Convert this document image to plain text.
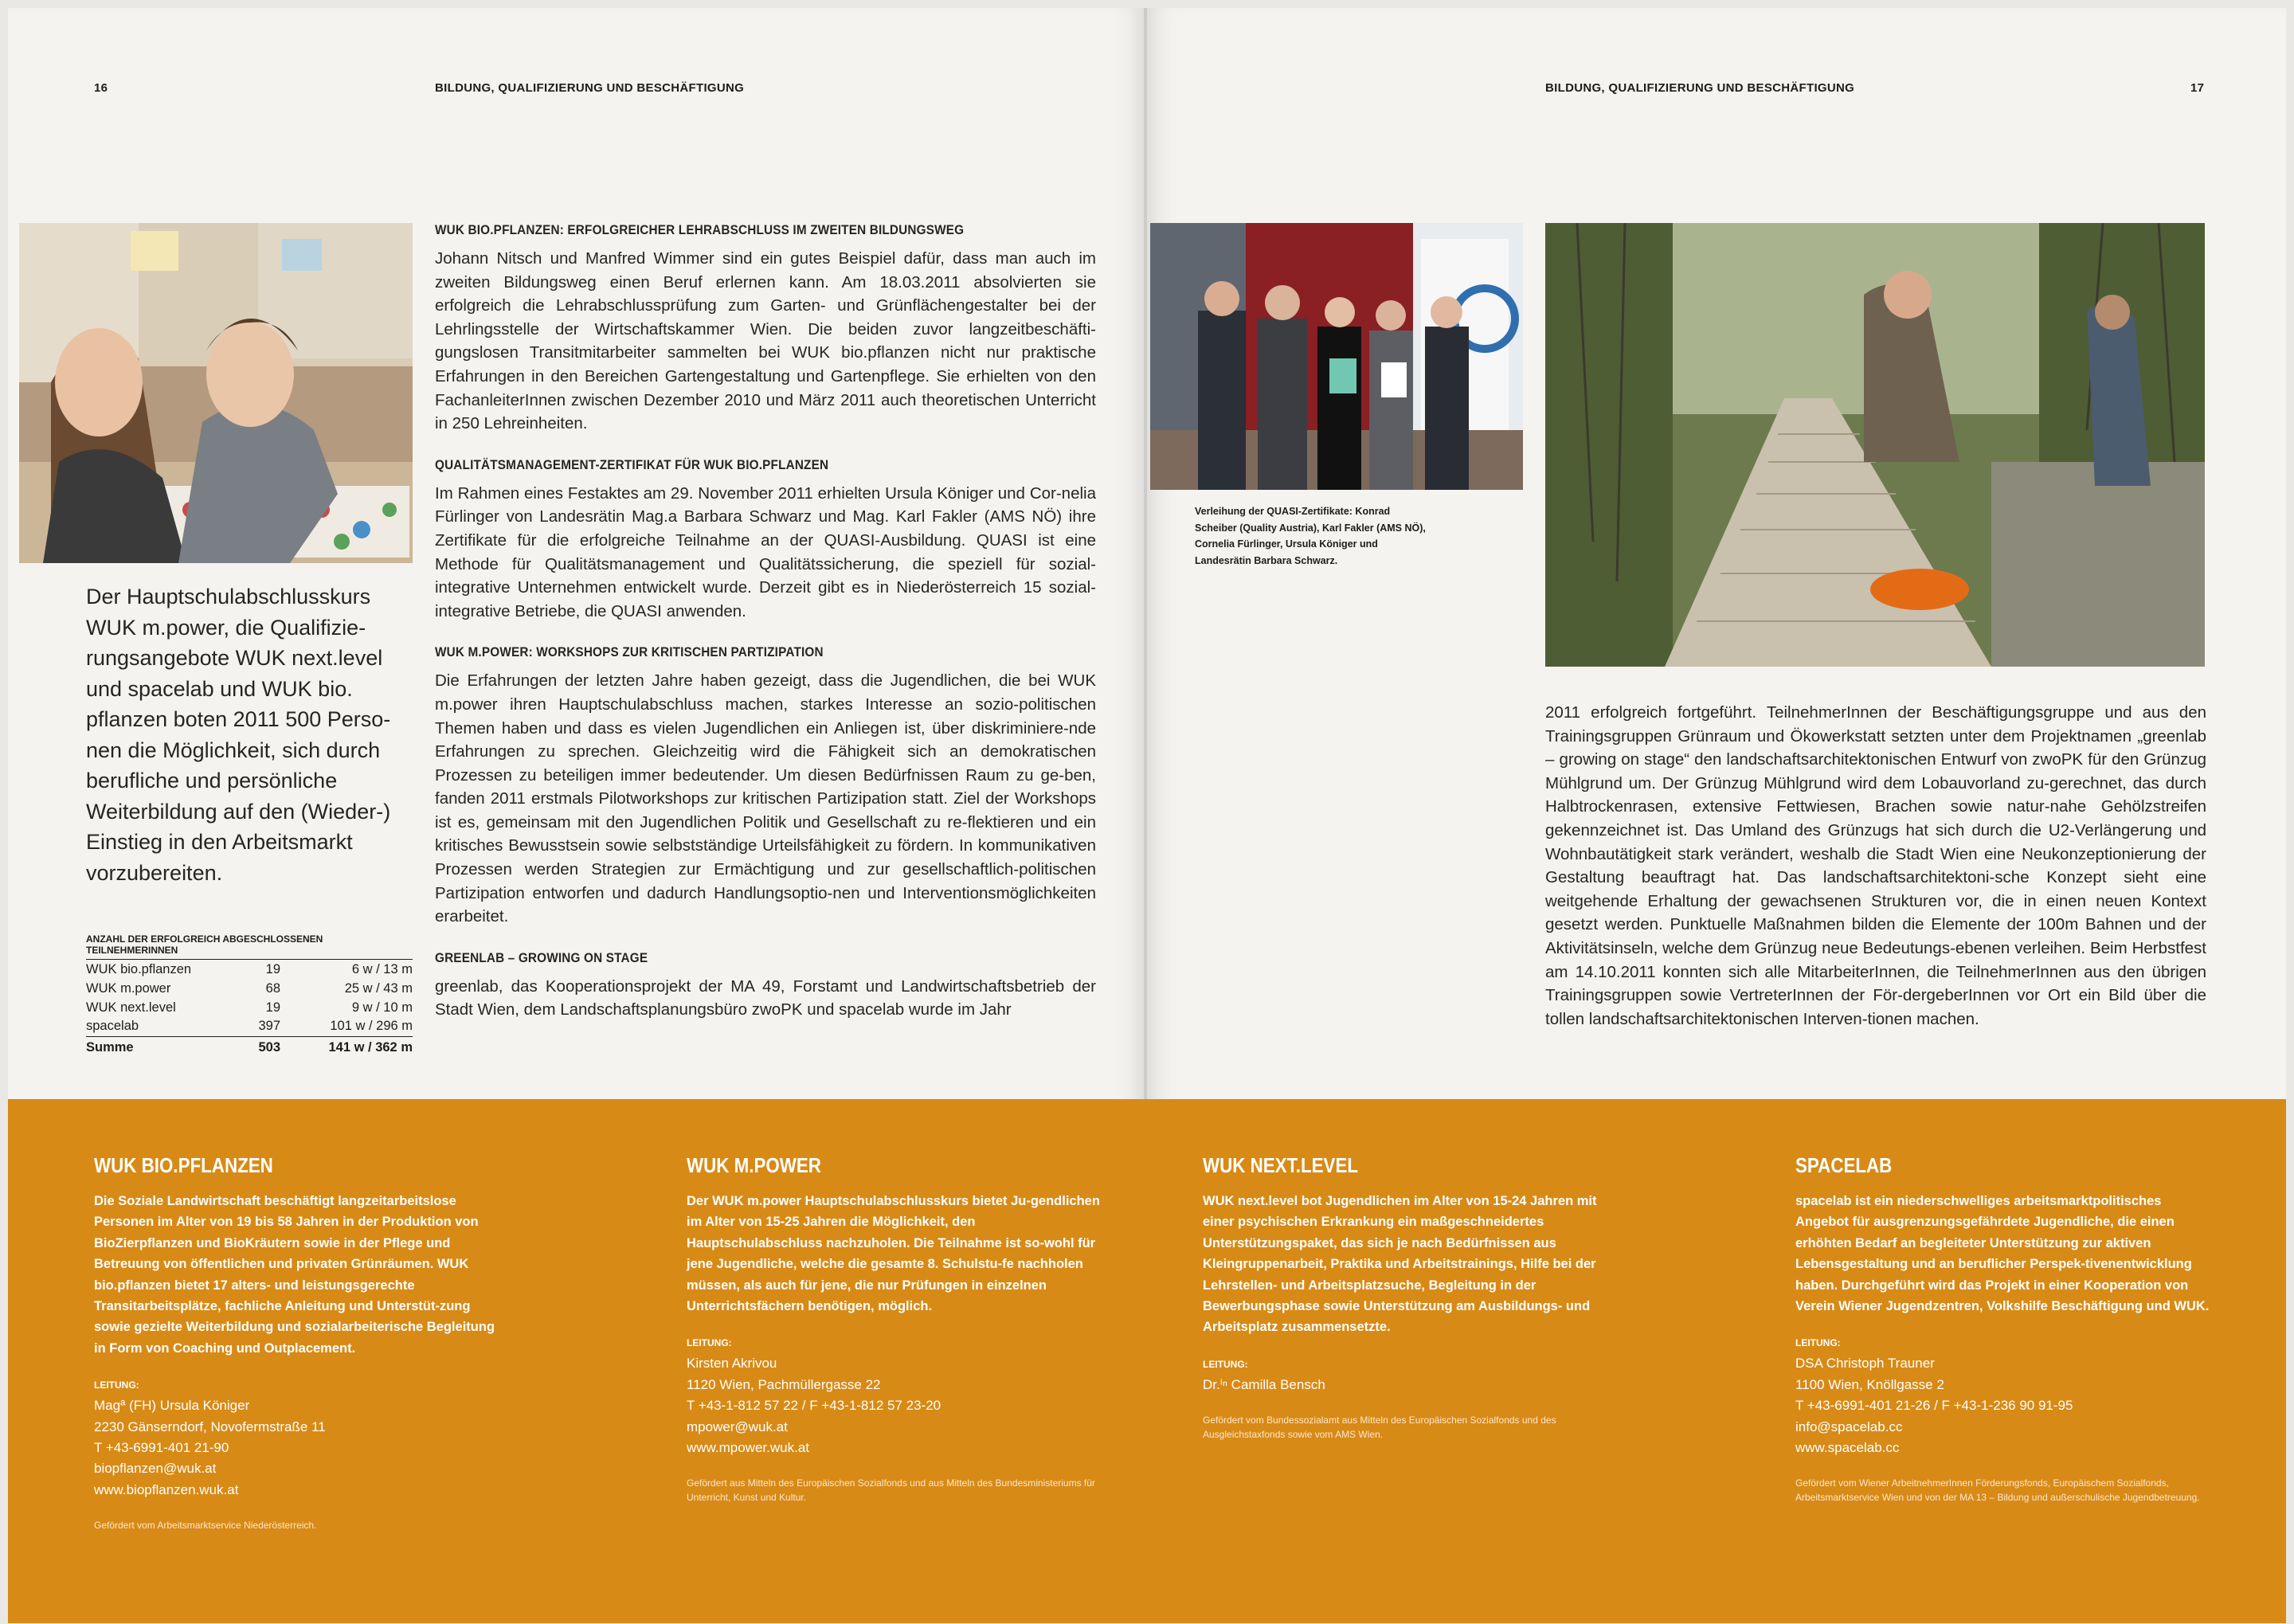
16	BILDUNG, QUALIFIZIERUNG UND BESCHÄFTIGUNG	BILDUNG, QUALIFIZIERUNG UND BESCHÄFTIGUNG	17
Der Hauptschulabschlusskurs WUK m.power, die Qualifizie-rungsangebote WUK next.level und spacelab und WUK bio. pflanzen boten 2011 500 Perso-nen die Möglichkeit, sich durch berufliche und persönliche Weiterbildung auf den (Wieder-) Einstieg in den Arbeitsmarkt vorzubereiten.
ANZAHL DER ERFOLGREICH ABGESCHLOSSENEN TEILNEHMERINNEN
WUK bio.pflanzen	19	6 w / 13 m
WUK m.power	68	25 w / 43 m
WUK next.level	19	9 w / 10 m
spacelab	397	101 w / 296 m
Summe	503	141 w / 362 m
WUK BIO.PFLANZEN: ERFOLGREICHER LEHRABSCHLUSS IM ZWEITEN BILDUNGSWEG

Johann Nitsch und Manfred Wimmer sind ein gutes Beispiel dafür, dass man auch im zweiten Bildungsweg einen Beruf erlernen kann. Am 18.03.2011 absolvierten sie erfolgreich die Lehrabschlussprüfung zum Garten- und Grünflächengestalter bei der Lehrlingsstelle der Wirtschaftskammer Wien. Die beiden zuvor langzeitbeschäfti-gungslosen Transitmitarbeiter sammelten bei WUK bio.pflanzen nicht nur praktische Erfahrungen in den Bereichen Gartengestaltung und Gartenpflege. Sie erhielten von den FachanleiterInnen zwischen Dezember 2010 und März 2011 auch theoretischen Unterricht in 250 Lehreinheiten.

QUALITÄTSMANAGEMENT-ZERTIFIKAT FÜR WUK BIO.PFLANZEN

Im Rahmen eines Festaktes am 29. November 2011 erhielten Ursula Königer und Cor-nelia Fürlinger von Landesrätin Mag.a Barbara Schwarz und Mag. Karl Fakler (AMS NÖ) ihre Zertifikate für die erfolgreiche Teilnahme an der QUASI-Ausbildung. QUASI ist eine Methode für Qualitätsmanagement und Qualitätssicherung, die speziell für sozial-integrative Unternehmen entwickelt wurde. Derzeit gibt es in Niederösterreich 15 sozial-integrative Betriebe, die QUASI anwenden.

WUK M.POWER: WORKSHOPS ZUR KRITISCHEN PARTIZIPATION

Die Erfahrungen der letzten Jahre haben gezeigt, dass die Jugendlichen, die bei WUK m.power ihren Hauptschulabschluss machen, starkes Interesse an sozio-politischen Themen haben und dass es vielen Jugendlichen ein Anliegen ist, über diskriminiere-nde Erfahrungen zu sprechen. Gleichzeitig wird die Fähigkeit sich an demokratischen Prozessen zu beteiligen immer bedeutender. Um diesen Bedürfnissen Raum zu ge-ben, fanden 2011 erstmals Pilotworkshops zur kritischen Partizipation statt. Ziel der Workshops ist es, gemeinsam mit den Jugendlichen Politik und Gesellschaft zu re-flektieren und ein kritisches Bewusstsein sowie selbstständige Urteilsfähigkeit zu fördern. In kommunikativen Prozessen werden Strategien zur Ermächtigung und zur gesellschaftlich-politischen Partizipation entworfen und dadurch Handlungsoptio-nen und Interventionsmöglichkeiten erarbeitet.

GREENLAB – GROWING ON STAGE

greenlab, das Kooperationsprojekt der MA 49, Forstamt und Landwirtschaftsbetrieb der Stadt Wien, dem Landschaftsplanungsbüro zwoPK und spacelab wurde im Jahr

Verleihung der QUASI-Zertifikate: Konrad Scheiber (Quality Austria), Karl Fakler (AMS NÖ), Cornelia Fürlinger, Ursula Königer und Landesrätin Barbara Schwarz.

2011 erfolgreich fortgeführt. TeilnehmerInnen der Beschäftigungsgruppe und aus den Trainingsgruppen Grünraum und Ökowerkstatt setzten unter dem Projektnamen „greenlab – growing on stage“ den landschaftsarchitektonischen Entwurf von zwoPK für den Grünzug Mühlgrund um. Der Grünzug Mühlgrund wird dem Lobauvorland zu-gerechnet, das durch Halbtrockenrasen, extensive Fettwiesen, Brachen sowie natur-nahe Gehölzstreifen gekennzeichnet ist. Das Umland des Grünzugs hat sich durch die U2-Verlängerung und Wohnbautätigkeit stark verändert, weshalb die Stadt Wien eine Neukonzeptionierung der Gestaltung beauftragt hat. Das landschaftsarchitektoni-sche Konzept sieht eine weitgehende Erhaltung der gewachsenen Strukturen vor, die in einen neuen Kontext gesetzt werden. Punktuelle Maßnahmen bilden die Elemente der 100m Bahnen und der Aktivitätsinseln, welche dem Grünzug neue Bedeutungs-ebenen verleihen. Beim Herbstfest am 14.10.2011 konnten sich alle MitarbeiterInnen, die TeilnehmerInnen aus den übrigen Trainingsgruppen sowie VertreterInnen der För-dergeberInnen vor Ort ein Bild über die tollen landschaftsarchitektonischen Interven-tionen machen.

WUK BIO.PFLANZEN
Die Soziale Landwirtschaft beschäftigt langzeitarbeitslose Personen im Alter von 19 bis 58 Jahren in der Produktion von BioZierpflanzen und BioKräutern sowie in der Pflege und Betreuung von öffentlichen und privaten Grünräumen. WUK bio.pflanzen bietet 17 alters- und leistungsgerechte Transitarbeitsplätze, fachliche Anleitung und Unterstüt-zung sowie gezielte Weiterbildung und sozialarbeiterische Begleitung in Form von Coaching und Outplacement.
LEITUNG:
Magª (FH) Ursula Königer
2230 Gänserndorf, Novofermstraße 11
T +43-6991-401 21-90
biopflanzen@wuk.at
www.biopflanzen.wuk.at
Gefördert vom Arbeitsmarktservice Niederösterreich.
WUK M.POWER
Der WUK m.power Hauptschulabschlusskurs bietet Ju-gendlichen im Alter von 15-25 Jahren die Möglichkeit, den Hauptschulabschluss nachzuholen. Die Teilnahme ist so-wohl für jene Jugendliche, welche die gesamte 8. Schulstu-fe nachholen müssen, als auch für jene, die nur Prüfungen in einzelnen Unterrichtsfächern benötigen, möglich.
LEITUNG:
Kirsten Akrivou
1120 Wien, Pachmüllergasse 22
T +43-1-812 57 22 / F +43-1-812 57 23-20
mpower@wuk.at
www.mpower.wuk.at
Gefördert aus Mitteln des Europäischen Sozialfonds und aus Mitteln des Bundesministeriums für Unterricht, Kunst und Kultur.
WUK NEXT.LEVEL
WUK next.level bot Jugendlichen im Alter von 15-24 Jahren mit einer psychischen Erkrankung ein maßgeschneidertes Unterstützungspaket, das sich je nach Bedürfnissen aus Kleingruppenarbeit, Praktika und Arbeitstrainings, Hilfe bei der Lehrstellen- und Arbeitsplatzsuche, Begleitung in der Bewerbungsphase sowie Unterstützung am Ausbildungs- und Arbeitsplatz zusammensetzte.
LEITUNG:
Dr.ⁱⁿ Camilla Bensch
Gefördert vom Bundessozialamt aus Mitteln des Europäischen Sozialfonds und des Ausgleichstaxfonds sowie vom AMS Wien.
SPACELAB
spacelab ist ein niederschwelliges arbeitsmarktpolitisches Angebot für ausgrenzungsgefährdete Jugendliche, die einen erhöhten Bedarf an begleiteter Unterstützung zur aktiven Lebensgestaltung und an beruflicher Perspek-tivenentwicklung haben. Durchgeführt wird das Projekt in einer Kooperation von Verein Wiener Jugendzentren, Volkshilfe Beschäftigung und WUK.
LEITUNG:
DSA Christoph Trauner
1100 Wien, Knöllgasse 2
T +43-6991-401 21-26 / F +43-1-236 90 91-95
info@spacelab.cc
www.spacelab.cc
Gefördert vom Wiener ArbeitnehmerInnen Förderungsfonds, Europäischem Sozialfonds, Arbeitsmarktservice Wien und von der MA 13 – Bildung und außerschulische Jugendbetreuung.
